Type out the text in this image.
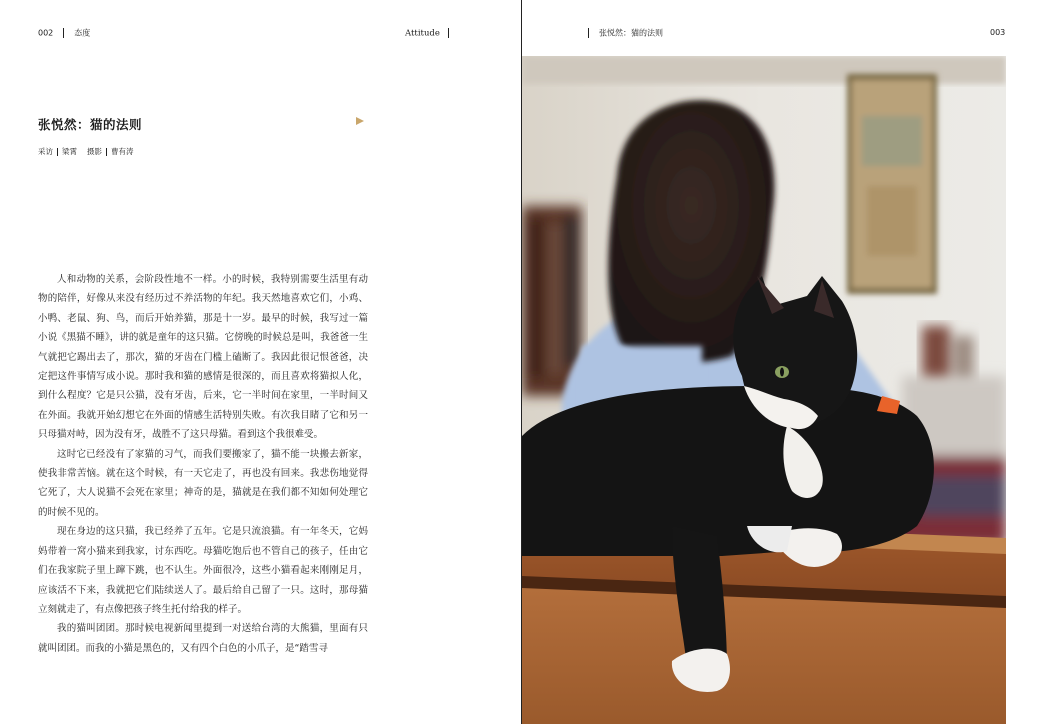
002	态度	Attitude
张悦然：猫的法则
采访 梁霄 摄影 曹有涛

人和动物的关系，会阶段性地不一样。小的时候，我特别需要生活里有动物的陪伴，好像从来没有经历过不养活物的年纪。我天然地喜欢它们，小鸡、小鸭、老鼠、狗、鸟，而后开始养猫，那是十一岁。最早的时候，我写过一篇小说《黑猫不睡》，讲的就是童年的这只猫。它傍晚的时候总是叫，我爸爸一生气就把它踢出去了，那次，猫的牙齿在门槛上磕断了。我因此很记恨爸爸，决定把这件事情写成小说。那时我和猫的感情是很深的，而且喜欢将猫拟人化，到什么程度？它是只公猫，没有牙齿，后来，它一半时间在家里，一半时间又在外面。我就开始幻想它在外面的情感生活特别失败。有次我目睹了它和另一只母猫对峙，因为没有牙，战胜不了这只母猫。看到这个我很难受。

这时它已经没有了家猫的习气，而我们要搬家了，猫不能一块搬去新家，使我非常苦恼。就在这个时候，有一天它走了，再也没有回来。我悲伤地觉得它死了，大人说猫不会死在家里；神奇的是，猫就是在我们都不知如何处理它的时候不见的。

现在身边的这只猫，我已经养了五年。它是只流浪猫。有一年冬天，它妈妈带着一窝小猫来到我家，讨东西吃。母猫吃饱后也不管自己的孩子，任由它们在我家院子里上蹿下跳，也不认生。外面很冷，这些小猫看起来刚刚足月，应该活不下来，我就把它们陆续送人了。最后给自己留了一只。这时，那母猫立刻就走了，有点像把孩子终生托付给我的样子。

我的猫叫团团。那时候电视新闻里提到一对送给台湾的大熊猫，里面有只就叫团团。而我的小猫是黑色的，又有四个白色的小爪子，是“踏雪寻

张悦然：猫的法则	003
